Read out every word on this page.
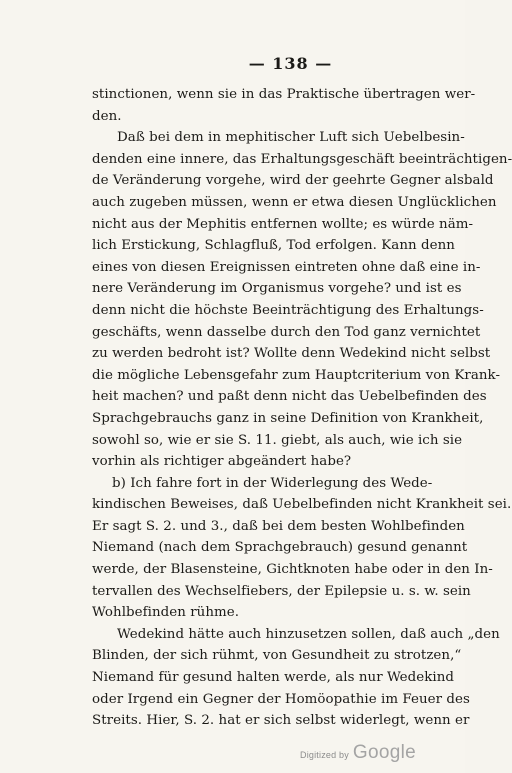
— 138 —
stinctionen, wenn sie in das Praktische übertragen wer-
den.
Daß bei dem in mephitischer Luft sich Uebelbesin-
denden eine innere, das Erhaltungsgeschäft beeinträchtigen-
de Veränderung vorgehe, wird der geehrte Gegner alsbald
auch zugeben müssen, wenn er etwa diesen Unglücklichen
nicht aus der Mephitis entfernen wollte; es würde näm-
lich Erstickung, Schlagfluß, Tod erfolgen. Kann denn
eines von diesen Ereignissen eintreten ohne daß eine in-
nere Veränderung im Organismus vorgehe? und ist es
denn nicht die höchste Beeinträchtigung des Erhaltungs-
geschäfts, wenn dasselbe durch den Tod ganz vernichtet
zu werden bedroht ist? Wollte denn Wedekind nicht selbst
die mögliche Lebensgefahr zum Hauptcriterium von Krank-
heit machen? und paßt denn nicht das Uebelbefinden des
Sprachgebrauchs ganz in seine Definition von Krankheit,
sowohl so, wie er sie S. 11. giebt, als auch, wie ich sie
vorhin als richtiger abgeändert habe?
b) Ich fahre fort in der Widerlegung des Wede-
kindischen Beweises, daß Uebelbefinden nicht Krankheit sei.
Er sagt S. 2. und 3., daß bei dem besten Wohlbefinden
Niemand (nach dem Sprachgebrauch) gesund genannt
werde, der Blasensteine, Gichtknoten habe oder in den In-
tervallen des Wechselfiebers, der Epilepsie u. s. w. sein
Wohlbefinden rühme.
Wedekind hätte auch hinzusetzen sollen, daß auch „den
Blinden, der sich rühmt, von Gesundheit zu strotzen,“
Niemand für gesund halten werde, als nur Wedekind
oder Irgend ein Gegner der Homöopathie im Feuer des
Streits. Hier, S. 2. hat er sich selbst widerlegt, wenn er
Digitized by Google
